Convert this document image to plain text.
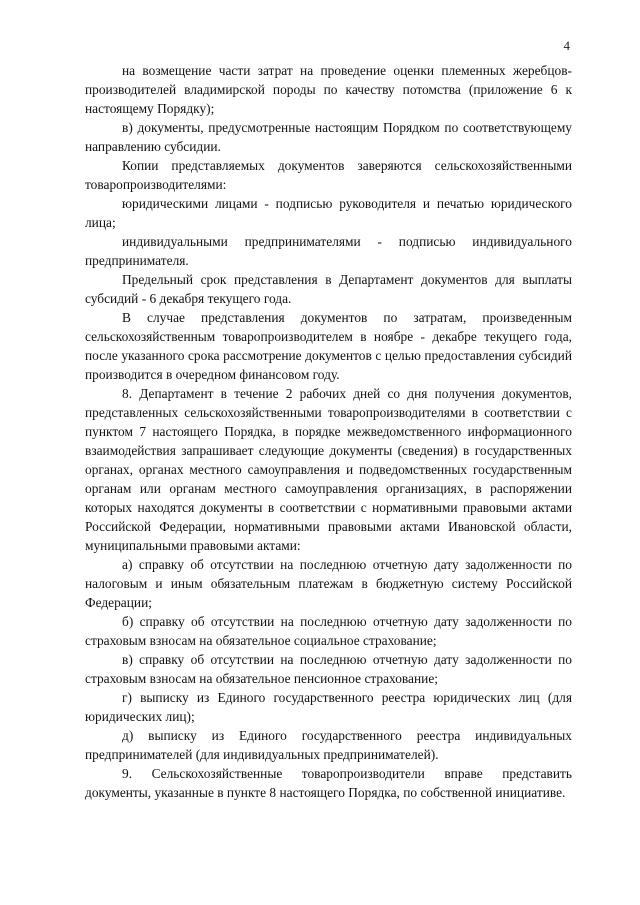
4

на возмещение части затрат на проведение оценки племенных жеребцов-производителей владимирской породы по качеству потомства (приложение 6 к настоящему Порядку);

в) документы, предусмотренные настоящим Порядком по соответствующему направлению субсидии.

Копии представляемых документов заверяются сельскохозяйственными товаропроизводителями:

юридическими лицами - подписью руководителя и печатью юридического лица;

индивидуальными предпринимателями - подписью индивидуального предпринимателя.

Предельный срок представления в Департамент документов для выплаты субсидий - 6 декабря текущего года.

В случае представления документов по затратам, произведенным сельскохозяйственным товаропроизводителем в ноябре - декабре текущего года, после указанного срока рассмотрение документов с целью предоставления субсидий производится в очередном финансовом году.

8. Департамент в течение 2 рабочих дней со дня получения документов, представленных сельскохозяйственными товаропроизводителями в соответствии с пунктом 7 настоящего Порядка, в порядке межведомственного информационного взаимодействия запрашивает следующие документы (сведения) в государственных органах, органах местного самоуправления и подведомственных государственным органам или органам местного самоуправления организациях, в распоряжении которых находятся документы в соответствии с нормативными правовыми актами Российской Федерации, нормативными правовыми актами Ивановской области, муниципальными правовыми актами:

а) справку об отсутствии на последнюю отчетную дату задолженности по налоговым и иным обязательным платежам в бюджетную систему Российской Федерации;

б) справку об отсутствии на последнюю отчетную дату задолженности по страховым взносам на обязательное социальное страхование;

в) справку об отсутствии на последнюю отчетную дату задолженности по страховым взносам на обязательное пенсионное страхование;

г) выписку из Единого государственного реестра юридических лиц (для юридических лиц);

д) выписку из Единого государственного реестра индивидуальных предпринимателей (для индивидуальных предпринимателей).

9. Сельскохозяйственные товаропроизводители вправе представить документы, указанные в пункте 8 настоящего Порядка, по собственной инициативе.
